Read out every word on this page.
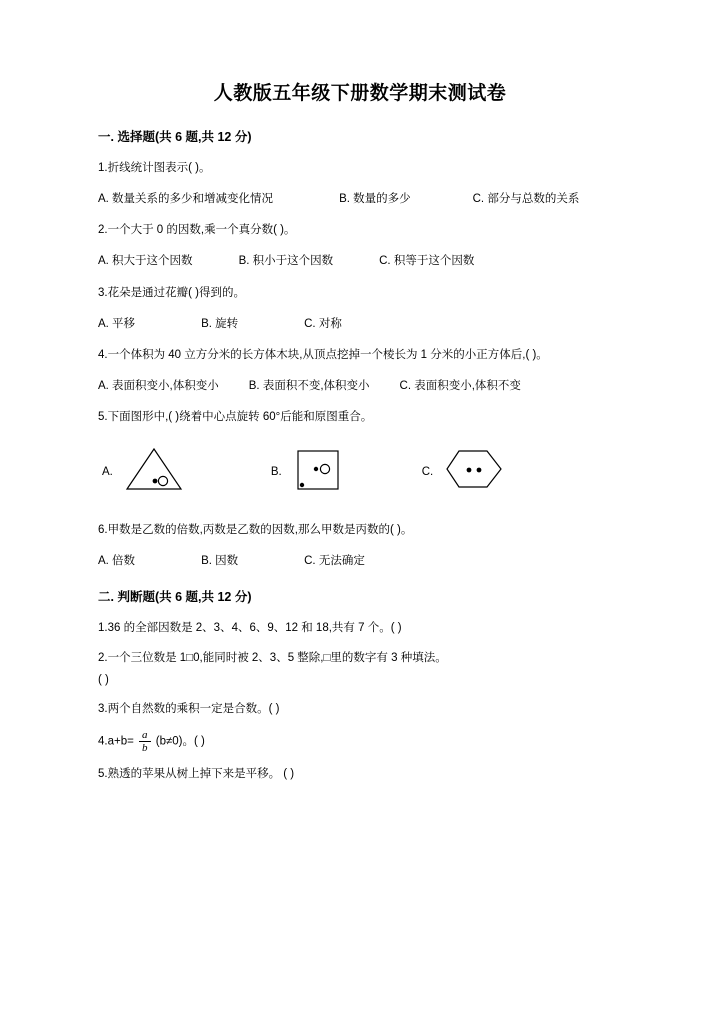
人教版五年级下册数学期末测试卷
一. 选择题(共 6 题,共 12 分)
1.折线统计图表示( )。
A. 数量关系的多少和增减变化情况	B. 数量的多少	C. 部分与总数的关系
2.一个大于 0 的因数,乘一个真分数( )。
A. 积大于这个因数	B. 积小于这个因数	C. 积等于这个因数
3.花朵是通过花瓣( )得到的。
A. 平移	B. 旋转	C. 对称
4.一个体积为 40 立方分米的长方体木块,从顶点挖掉一个棱长为 1 分米的小正方体后,( )。
A. 表面积变小,体积变小	B. 表面积不变,体积变小	C. 表面积变小,体积不变
5.下面图形中,( )绕着中心点旋转 60°后能和原图重合。
A.	B.	C.
6.甲数是乙数的倍数,丙数是乙数的因数,那么甲数是丙数的( )。
A. 倍数	B. 因数	C. 无法确定
二. 判断题(共 6 题,共 12 分)
1.36 的全部因数是 2、3、4、6、9、12 和 18,共有 7 个。( )
2.一个三位数是 1□0,能同时被 2、3、5 整除,□里的数字有 3 种填法。
( )
3.两个自然数的乘积一定是合数。( )
$4.a+b= \frac{a}{b} (b\ne 0)$。( )
5.熟透的苹果从树上掉下来是平移。 ( )
